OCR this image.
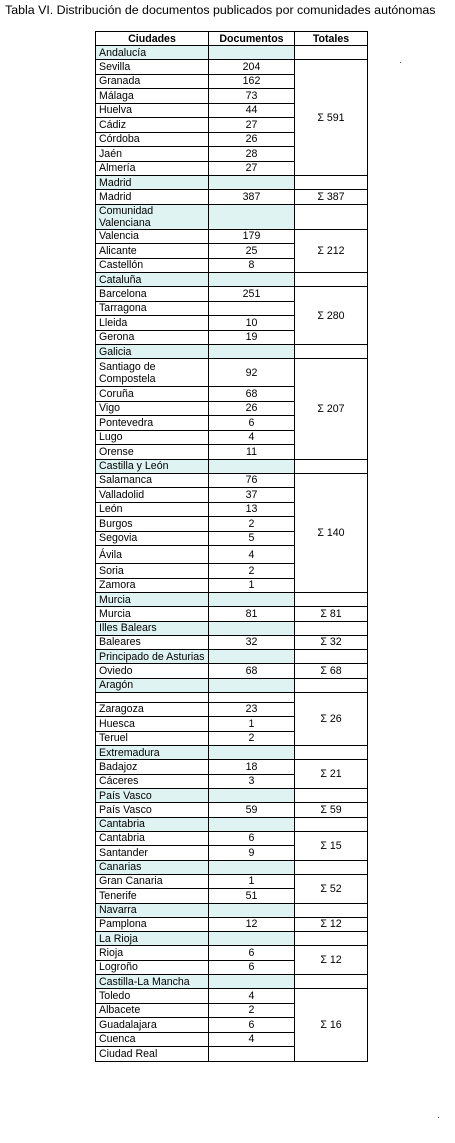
Tabla VI. Distribución de documentos publicados por comunidades autónomas
Ciudades	Documentos	Totales
Andalucía		
Sevilla	204	Σ 591
Granada	162	
Málaga	73	
Huelva	44	
Cádiz	27	
Córdoba	26	
Jaén	28	
Almería	27	
Madrid		
Madrid	387	Σ 387
Comunidad Valenciana		
Valencia	179	Σ 212
Alicante	25	
Castellón	8	
Cataluña		
Barcelona	251	Σ 280
Tarragona		
Lleida	10	
Gerona	19	
Galicia		
Santiago de Compostela	92	Σ 207
Coruña	68	
Vigo	26	
Pontevedra	6	
Lugo	4	
Orense	11	
Castilla y León		
Salamanca	76	Σ 140
Valladolid	37	
León	13	
Burgos	2	
Segovia	5	
Ávila	4	
Soria	2	
Zamora	1	
Murcia		
Murcia	81	Σ 81
Illes Balears		
Baleares	32	Σ 32
Principado de Asturias		
Oviedo	68	Σ 68
Aragón		
		Σ 26
Zaragoza	23	
Huesca	1	
Teruel	2	
Extremadura		
Badajoz	18	Σ 21
Cáceres	3	
País Vasco		
País Vasco	59	Σ 59
Cantabria		
Cantabria	6	Σ 15
Santander	9	
Canarias		
Gran Canaria	1	Σ 52
Tenerife	51	
Navarra		
Pamplona	12	Σ 12
La Rioja		
Rioja	6	Σ 12
Logroño	6	
Castilla-La Mancha		
Toledo	4	Σ 16
Albacete	2	
Guadalajara	6	
Cuenca	4	
Ciudad Real		
